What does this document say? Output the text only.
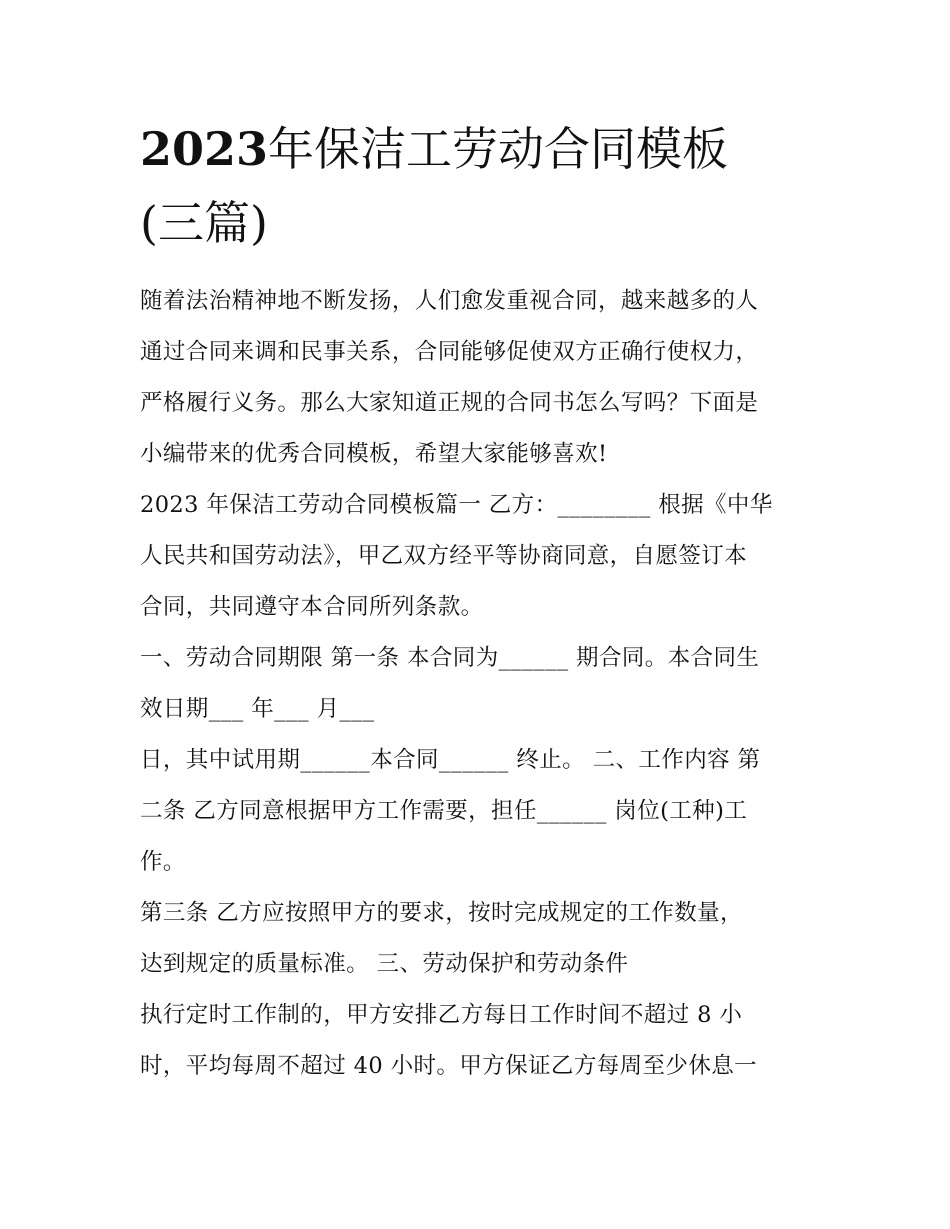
2023年保洁工劳动合同模板
(三篇)

随着法治精神地不断发扬，人们愈发重视合同，越来越多的人

通过合同来调和民事关系，合同能够促使双方正确行使权力，

严格履行义务。那么大家知道正规的合同书怎么写吗？下面是

小编带来的优秀合同模板，希望大家能够喜欢!

2023 年保洁工劳动合同模板篇一 乙方：________ 根据《中华

人民共和国劳动法》，甲乙双方经平等协商同意，自愿签订本

合同，共同遵守本合同所列条款。

一、劳动合同期限 第一条 本合同为______ 期合同。本合同生

效日期___ 年___ 月___

日，其中试用期______本合同______ 终止。 二、工作内容 第

二条 乙方同意根据甲方工作需要，担任______ 岗位(工种)工

作。

第三条 乙方应按照甲方的要求，按时完成规定的工作数量，

达到规定的质量标准。 三、劳动保护和劳动条件

执行定时工作制的，甲方安排乙方每日工作时间不超过 8 小

时，平均每周不超过 40 小时。甲方保证乙方每周至少休息一
